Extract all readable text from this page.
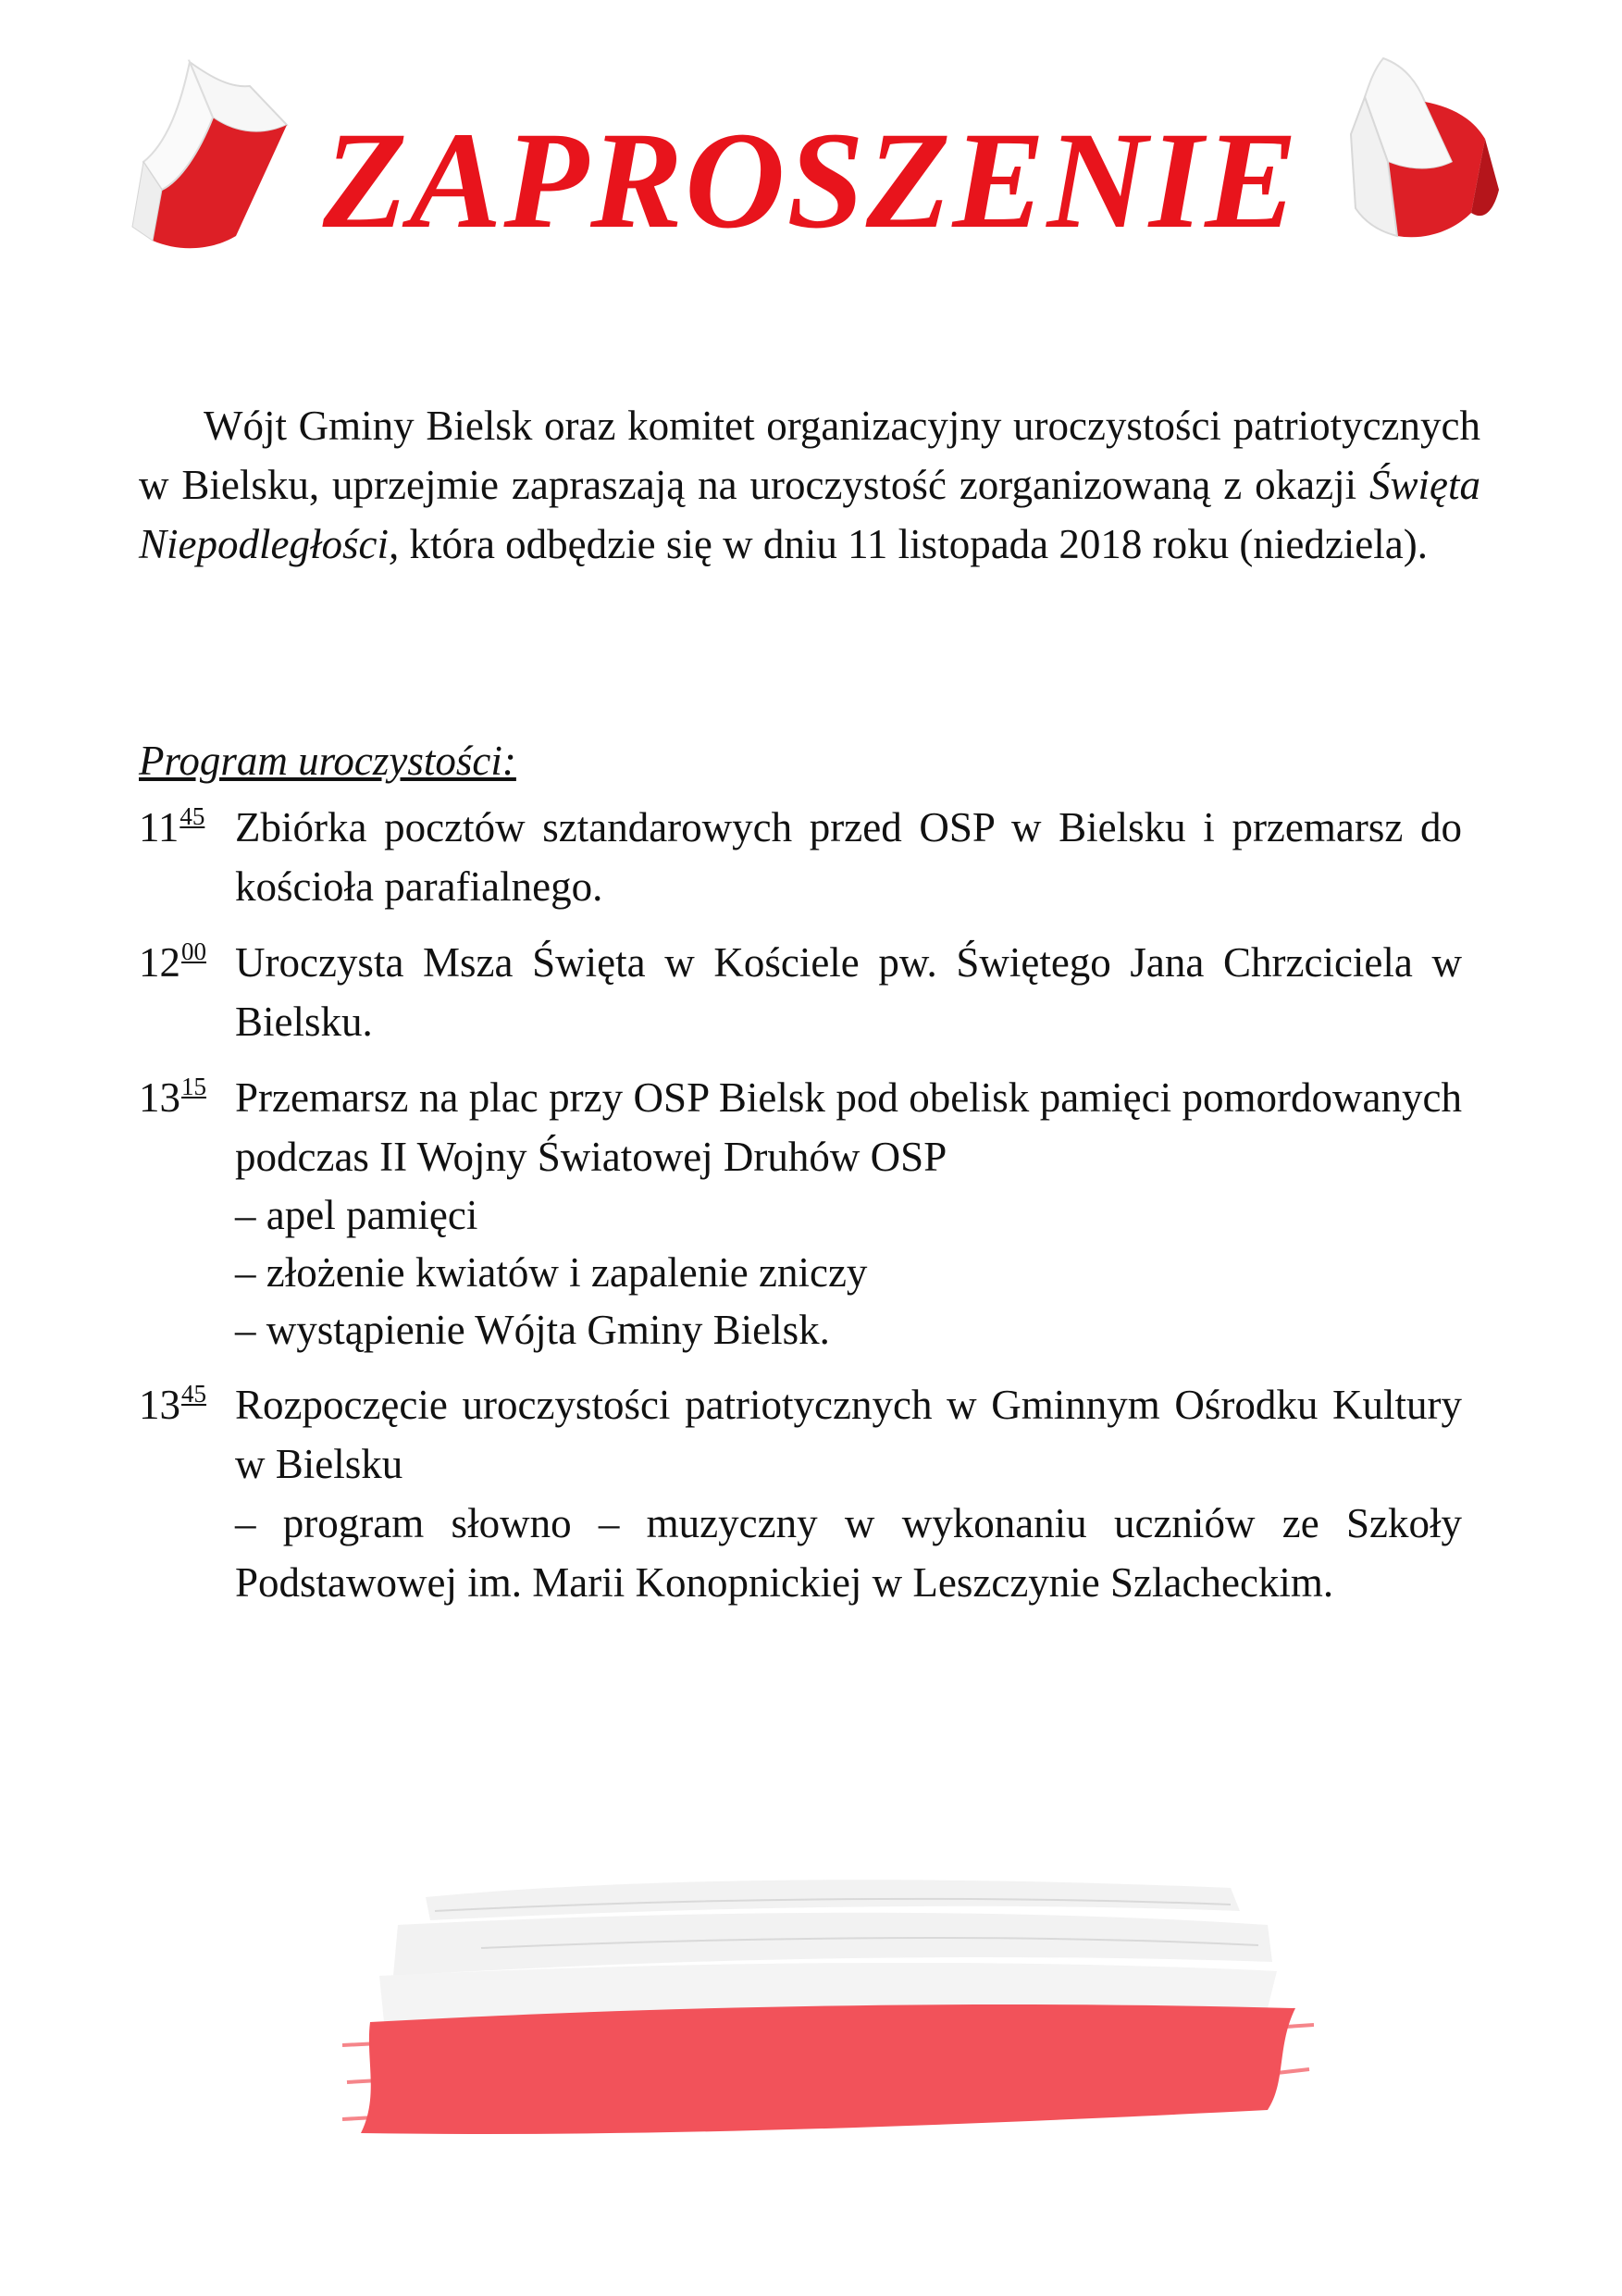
ZAPROSZENIE

Wójt Gminy Bielsk oraz komitet organizacyjny uroczystości patriotycznych w Bielsku, uprzejmie zapraszają na uroczystość zorganizowaną z okazji Święta Niepodległości, która odbędzie się w dniu 11 listopada 2018 roku (niedziela).

Program uroczystości:
$11^{45}$ Zbiórka pocztów sztandarowych przed OSP w Bielsku i przemarsz do kościoła parafialnego.
$12^{00}$ Uroczysta Msza Święta w Kościele pw. Świętego Jana Chrzciciela w Bielsku.
$13^{15}$ Przemarsz na plac przy OSP Bielsk pod obelisk pamięci pomordowanych podczas II Wojny Światowej Druhów OSP
‒ apel pamięci
‒ złożenie kwiatów i zapalenie zniczy
‒ wystąpienie Wójta Gminy Bielsk.
$13^{45}$ Rozpoczęcie uroczystości patriotycznych w Gminnym Ośrodku Kultury w Bielsku
– program słowno – muzyczny w wykonaniu uczniów ze Szkoły Podstawowej im. Marii Konopnickiej w Leszczynie Szlacheckim.
